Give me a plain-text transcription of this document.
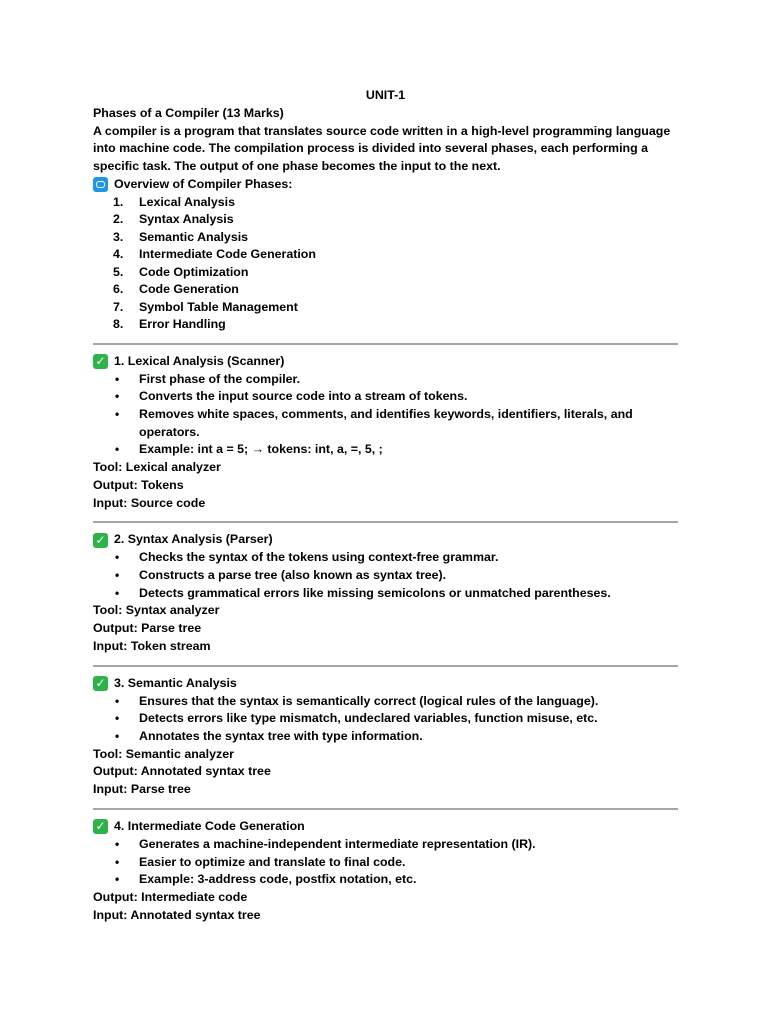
UNIT-1
Phases of a Compiler (13 Marks)
A compiler is a program that translates source code written in a high-level programming language
into machine code. The compilation process is divided into several phases, each performing a
specific task. The output of one phase becomes the input to the next.
Overview of Compiler Phases:
1. Lexical Analysis
2. Syntax Analysis
3. Semantic Analysis
4. Intermediate Code Generation
5. Code Optimization
6. Code Generation
7. Symbol Table Management
8. Error Handling
✓ 1. Lexical Analysis (Scanner)
• First phase of the compiler.
• Converts the input source code into a stream of tokens.
• Removes white spaces, comments, and identifies keywords, identifiers, literals, and operators.
• Example: int a = 5; → tokens: int, a, =, 5, ;
Tool: Lexical analyzer
Output: Tokens
Input: Source code
✓ 2. Syntax Analysis (Parser)
• Checks the syntax of the tokens using context-free grammar.
• Constructs a parse tree (also known as syntax tree).
• Detects grammatical errors like missing semicolons or unmatched parentheses.
Tool: Syntax analyzer
Output: Parse tree
Input: Token stream
✓ 3. Semantic Analysis
• Ensures that the syntax is semantically correct (logical rules of the language).
• Detects errors like type mismatch, undeclared variables, function misuse, etc.
• Annotates the syntax tree with type information.
Tool: Semantic analyzer
Output: Annotated syntax tree
Input: Parse tree
✓ 4. Intermediate Code Generation
• Generates a machine-independent intermediate representation (IR).
• Easier to optimize and translate to final code.
• Example: 3-address code, postfix notation, etc.
Output: Intermediate code
Input: Annotated syntax tree
